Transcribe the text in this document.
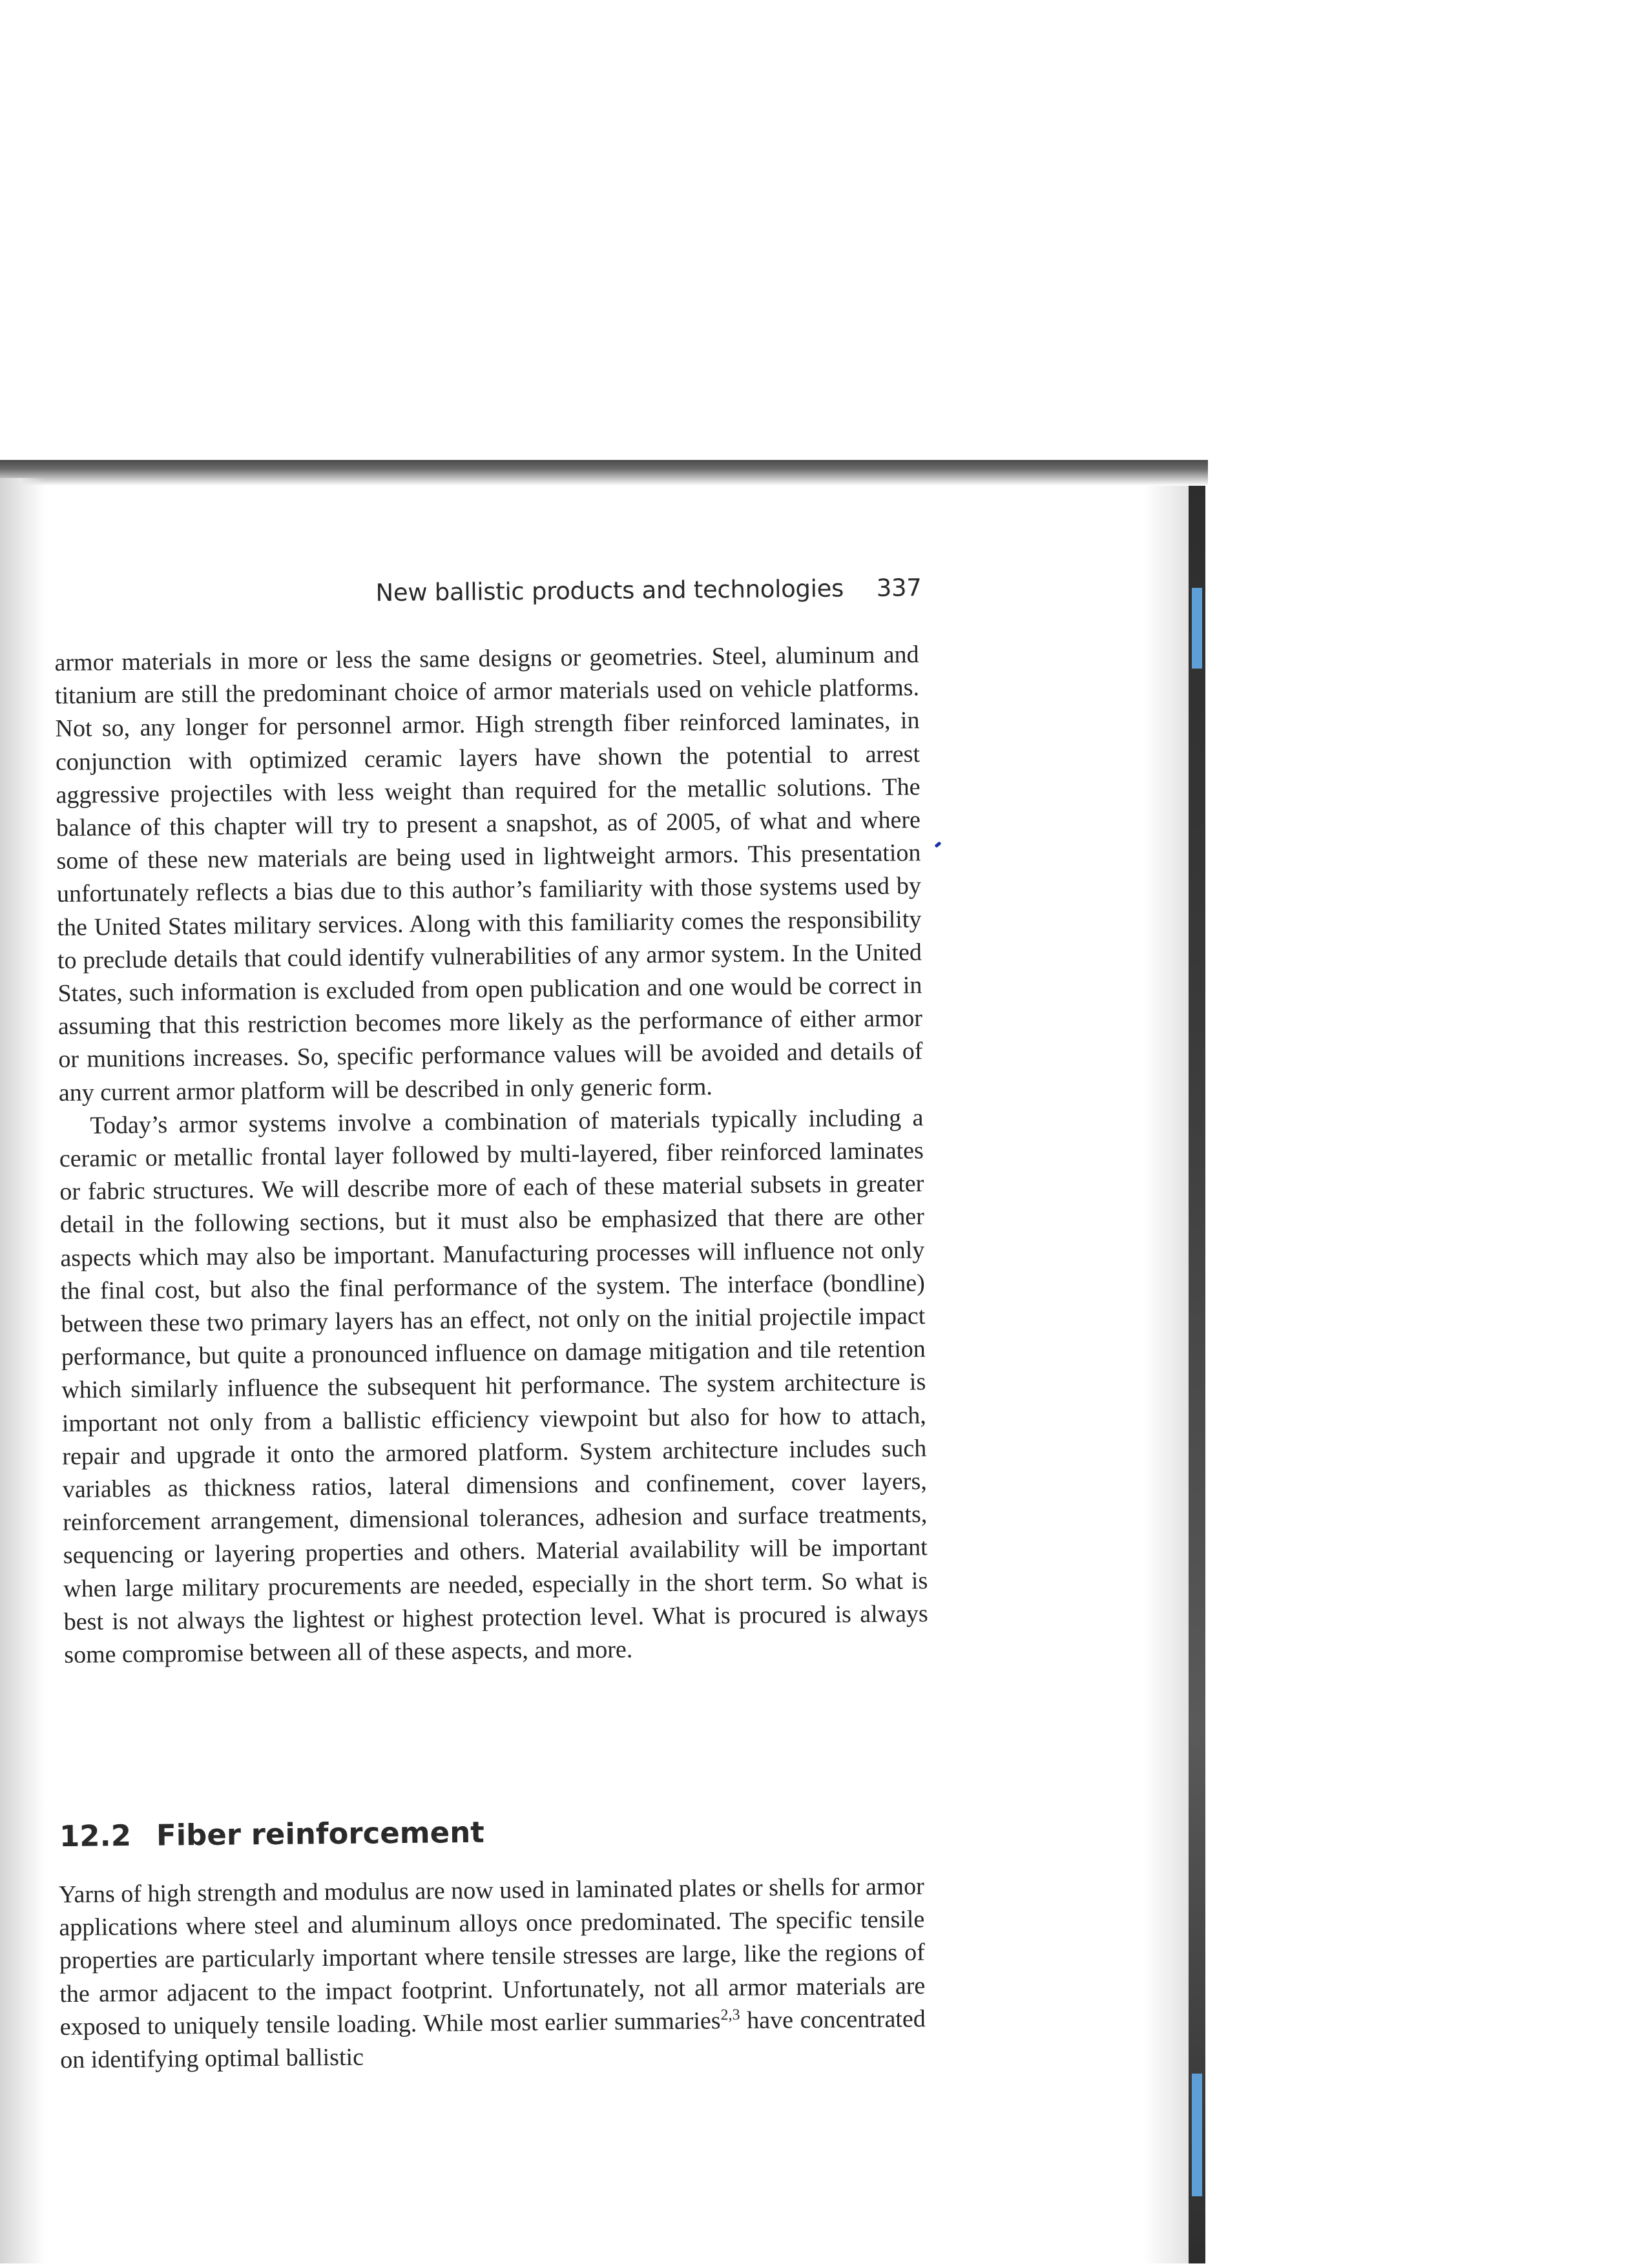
New ballistic products and technologies 337

armor materials in more or less the same designs or geometries. Steel, aluminum and titanium are still the predominant choice of armor materials used on vehicle platforms. Not so, any longer for personnel armor. High strength fiber reinforced laminates, in conjunction with optimized ceramic layers have shown the potential to arrest aggressive projectiles with less weight than required for the metallic solutions. The balance of this chapter will try to present a snapshot, as of 2005, of what and where some of these new materials are being used in lightweight armors. This presentation unfortunately reflects a bias due to this author’s familiarity with those systems used by the United States military services. Along with this familiarity comes the responsibility to preclude details that could identify vulnerabilities of any armor system. In the United States, such information is excluded from open publication and one would be correct in assuming that this restriction becomes more likely as the performance of either armor or munitions increases. So, specific performance values will be avoided and details of any current armor platform will be described in only generic form.

Today’s armor systems involve a combination of materials typically including a ceramic or metallic frontal layer followed by multi-layered, fiber reinforced laminates or fabric structures. We will describe more of each of these material subsets in greater detail in the following sections, but it must also be emphasized that there are other aspects which may also be important. Manufacturing processes will influence not only the final cost, but also the final performance of the system. The interface (bondline) between these two primary layers has an effect, not only on the initial projectile impact performance, but quite a pronounced influence on damage mitigation and tile retention which similarly influence the subsequent hit performance. The system architecture is important not only from a ballistic efficiency viewpoint but also for how to attach, repair and upgrade it onto the armored platform. System architecture includes such variables as thickness ratios, lateral dimensions and confinement, cover layers, reinforcement arrangement, dimensional tolerances, adhesion and surface treatments, sequencing or layering properties and others. Material availability will be important when large military procurements are needed, especially in the short term. So what is best is not always the lightest or highest protection level. What is procured is always some compromise between all of these aspects, and more.

12.2 Fiber reinforcement

Yarns of high strength and modulus are now used in laminated plates or shells for armor applications where steel and aluminum alloys once predominated. The specific tensile properties are particularly important where tensile stresses are large, like the regions of the armor adjacent to the impact footprint. Unfortunately, not all armor materials are exposed to uniquely tensile loading. While most earlier summaries$^{2,3}$ have concentrated on identifying optimal ballistic
